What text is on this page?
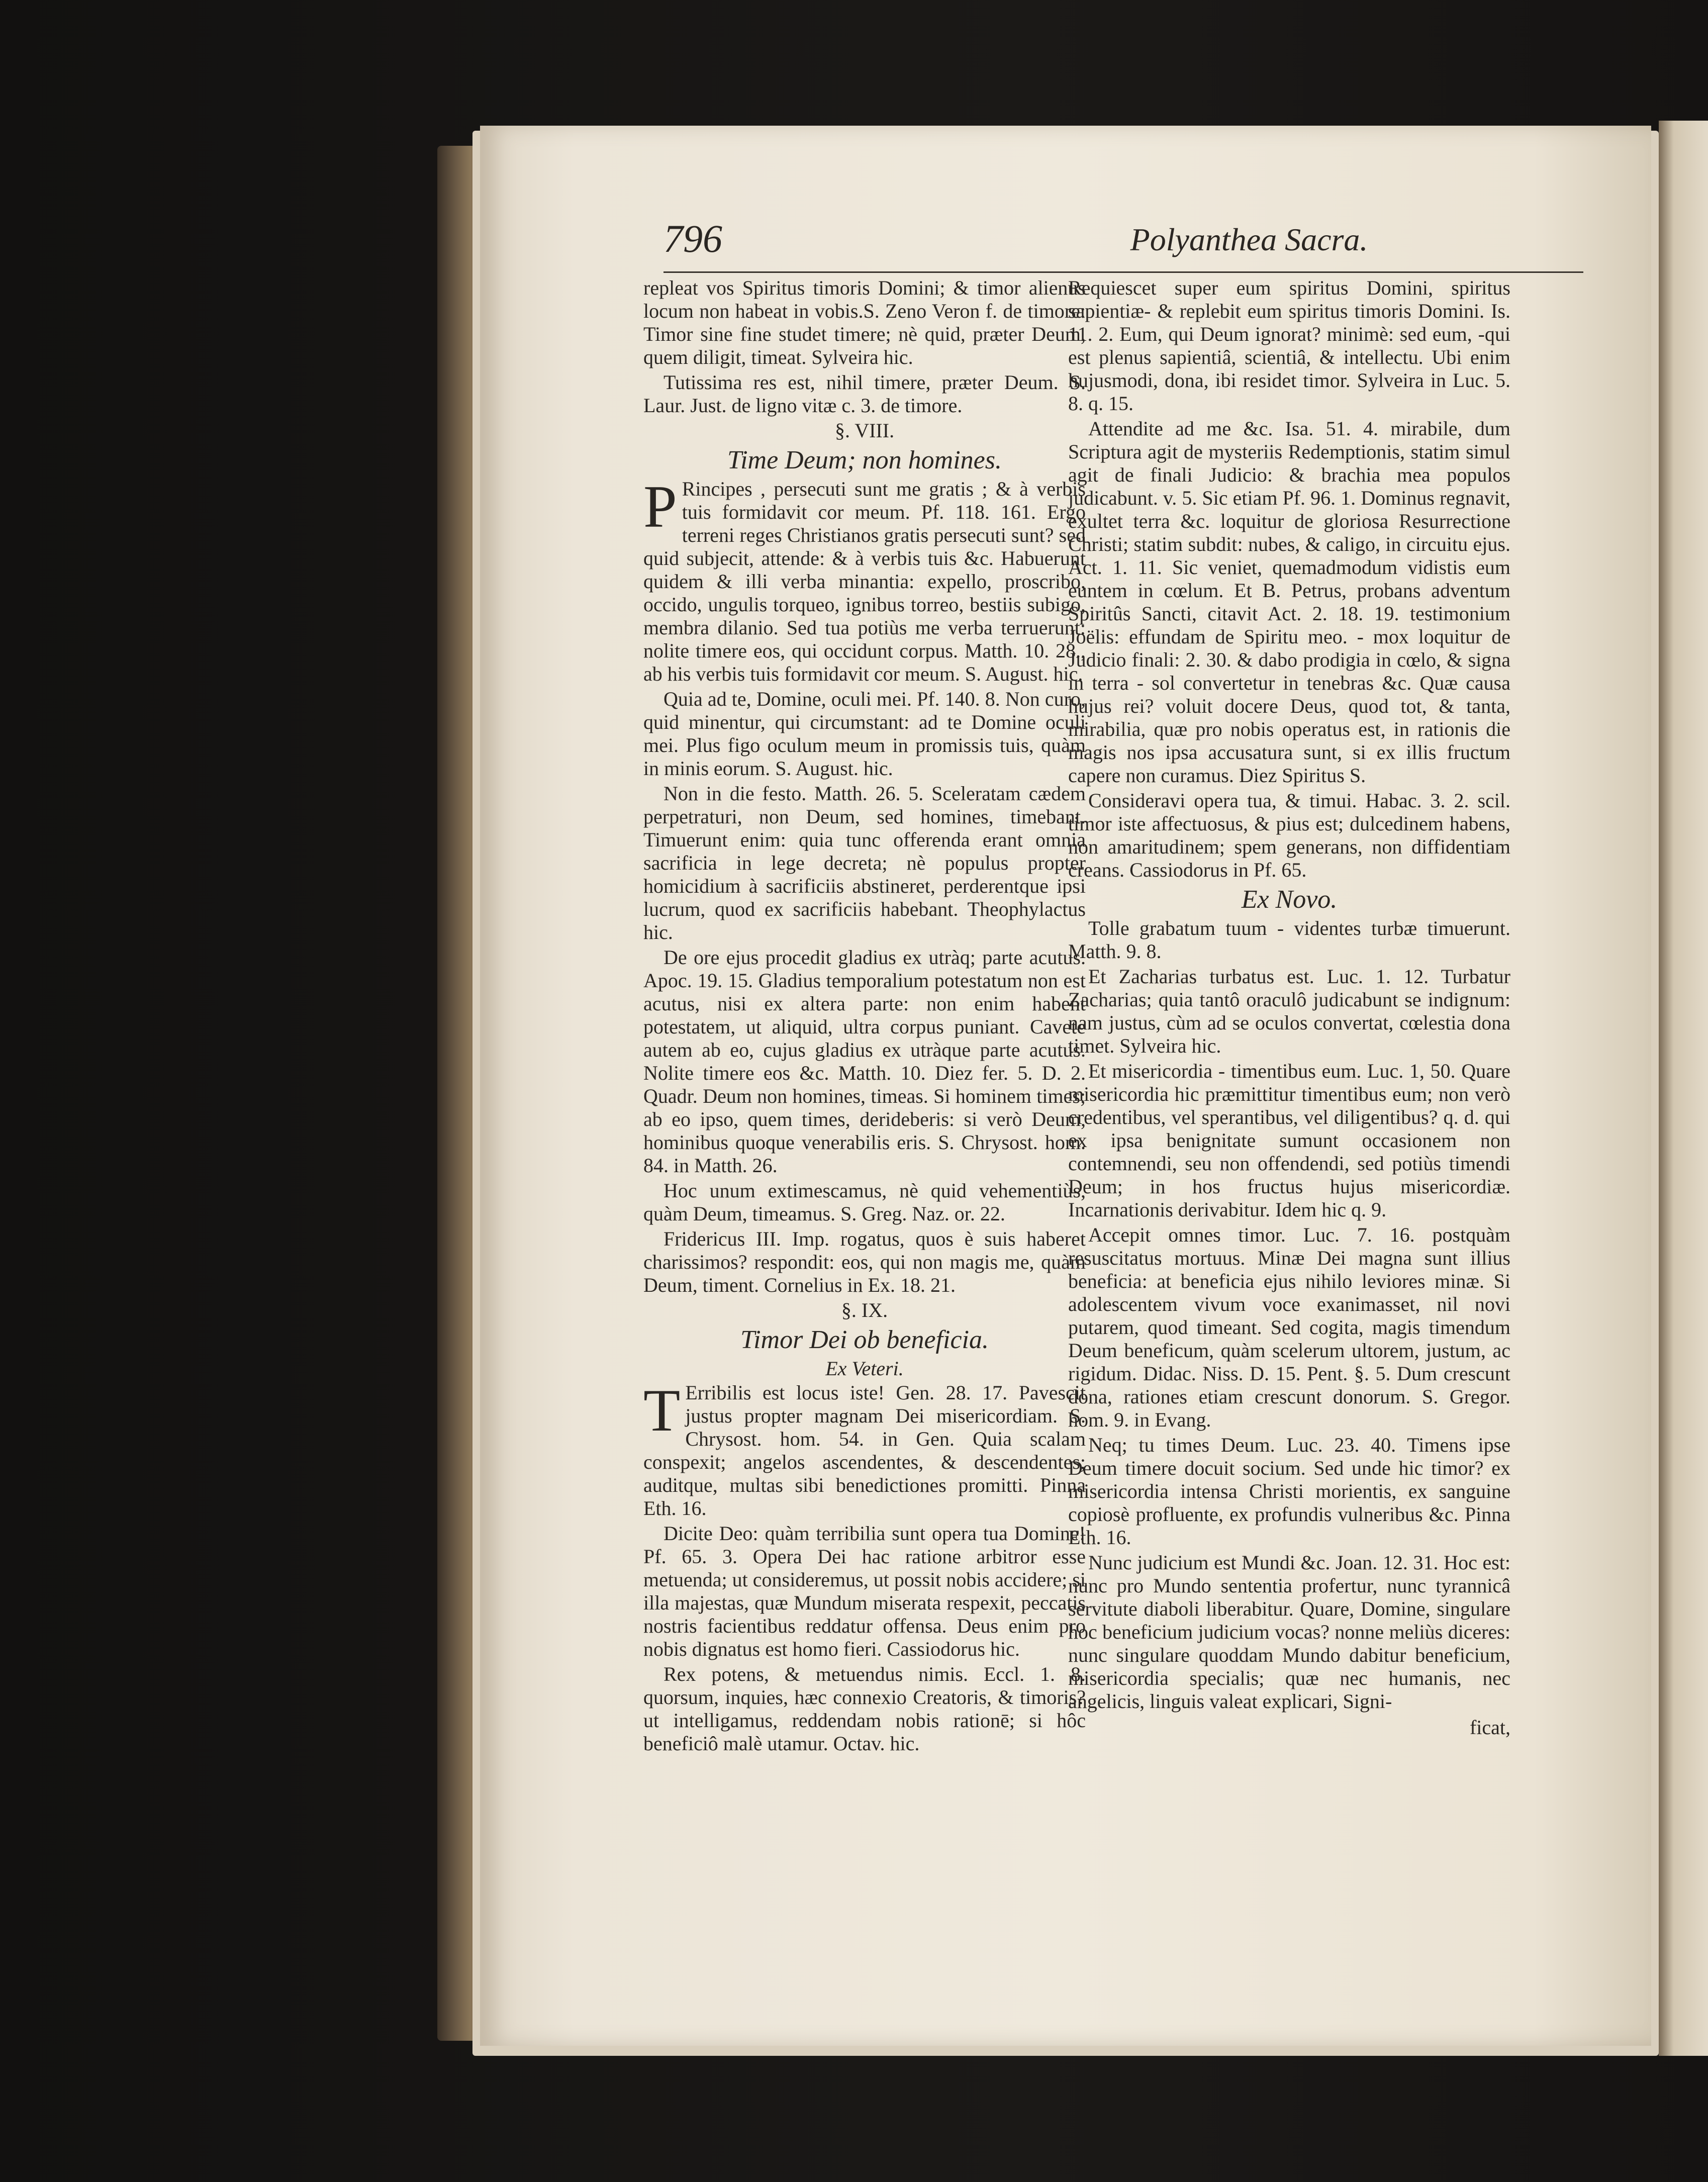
796	Polyanthea Sacra.

repleat vos Spiritus timoris Domini; & timor alienus locum non habeat in vobis.S. Zeno Veron f. de timore: Timor sine fine studet timere; nè quid, præter Deum, quem diligit, timeat. Sylveira hic.

Tutissima res est, nihil timere, præter Deum. S. Laur. Just. de ligno vitæ c. 3. de timore.

§. VIII.

Time Deum; non homines.

P Rincipes , persecuti sunt me gratis ; & à verbis tuis formidavit cor meum. Pf. 118. 161. Ergo terreni reges Christianos gratis persecuti sunt? sed quid subjecit, attende: & à verbis tuis &c. Habuerunt quidem & illi verba minantia: expello, proscribo, occido, ungulis torqueo, ignibus torreo, bestiis subigo, membra dilanio. Sed tua potiùs me verba terruerunt: nolite timere eos, qui occidunt corpus. Matth. 10. 28., ab his verbis tuis formidavit cor meum. S. August. hic.

Quia ad te, Domine, oculi mei. Pf. 140. 8. Non curo, quid minentur, qui circumstant: ad te Domine oculi mei. Plus figo oculum meum in promissis tuis, quàm in minis eorum. S. August. hic.

Non in die festo. Matth. 26. 5. Sceleratam cædem perpetraturi, non Deum, sed homines, timebant. Timuerunt enim: quia tunc offerenda erant omnia sacrificia in lege decreta; nè populus propter homicidium à sacrificiis abstineret, perderentque ipsi lucrum, quod ex sacrificiis habebant. Theophylactus hic.

De ore ejus procedit gladius ex utràq; parte acutus. Apoc. 19. 15. Gladius temporalium potestatum non est acutus, nisi ex altera parte: non enim habent potestatem, ut aliquid, ultra corpus puniant. Cavete autem ab eo, cujus gladius ex utràque parte acutus. Nolite timere eos &c. Matth. 10. Diez fer. 5. D. 2. Quadr. Deum non homines, timeas. Si hominem times; ab eo ipso, quem times, derideberis: si verò Deum, hominibus quoque venerabilis eris. S. Chrysost. hom. 84. in Matth. 26.

Hoc unum extimescamus, nè quid vehementiùs, quàm Deum, timeamus. S. Greg. Naz. or. 22.

Fridericus III. Imp. rogatus, quos è suis haberet charissimos? respondit: eos, qui non magis me, quàm Deum, timent. Cornelius in Ex. 18. 21.

§. IX.

Timor Dei ob beneficia.

Ex Veteri.

T Erribilis est locus iste! Gen. 28. 17. Pavescit justus propter magnam Dei misericordiam. S. Chrysost. hom. 54. in Gen. Quia scalam conspexit; angelos ascendentes, & descendentes; auditque, multas sibi benedictiones promitti. Pinna Eth. 16.

Dicite Deo: quàm terribilia sunt opera tua Domine! Pf. 65. 3. Opera Dei hac ratione arbitror esse metuenda; ut consideremus, ut possit nobis accidere; si illa majestas, quæ Mundum miserata respexit, peccatis nostris facientibus reddatur offensa. Deus enim pro nobis dignatus est homo fieri. Cassiodorus hic.

Rex potens, & metuendus nimis. Eccl. 1. 8. quorsum, inquies, hæc connexio Creatoris, & timoris? ut intelligamus, reddendam nobis rationē; si hôc beneficiô malè utamur. Octav. hic.

Requiescet super eum spiritus Domini, spiritus sapientiæ- & replebit eum spiritus timoris Domini. Is. 11. 2. Eum, qui Deum ignorat? minimè: sed eum, -qui est plenus sapientiâ, scientiâ, & intellectu. Ubi enim hujusmodi, dona, ibi residet timor. Sylveira in Luc. 5. 8. q. 15.

Attendite ad me &c. Isa. 51. 4. mirabile, dum Scriptura agit de mysteriis Redemptionis, statim simul agit de finali Judicio: & brachia mea populos judicabunt. v. 5. Sic etiam Pf. 96. 1. Dominus regnavit, exultet terra &c. loquitur de gloriosa Resurrectione Christi; statim subdit: nubes, & caligo, in circuitu ejus. Act. 1. 11. Sic veniet, quemadmodum vidistis eum euntem in cœlum. Et B. Petrus, probans adventum Spiritûs Sancti, citavit Act. 2. 18. 19. testimonium Joëlis: effundam de Spiritu meo. - mox loquitur de Judicio finali: 2. 30. & dabo prodigia in cœlo, & signa in terra - sol convertetur in tenebras &c. Quæ causa hujus rei? voluit docere Deus, quod tot, & tanta, mirabilia, quæ pro nobis operatus est, in rationis die magis nos ipsa accusatura sunt, si ex illis fructum capere non curamus. Diez Spiritus S.

Consideravi opera tua, & timui. Habac. 3. 2. scil. timor iste affectuosus, & pius est; dulcedinem habens, non amaritudinem; spem generans, non diffidentiam creans. Cassiodorus in Pf. 65.

Ex Novo.

Tolle grabatum tuum - videntes turbæ timuerunt. Matth. 9. 8.

Et Zacharias turbatus est. Luc. 1. 12. Turbatur Zacharias; quia tantô oraculô judicabunt se indignum: nam justus, cùm ad se oculos convertat, cœlestia dona timet. Sylveira hic.

Et misericordia - timentibus eum. Luc. 1, 50. Quare misericordia hic præmittitur timentibus eum; non verò credentibus, vel sperantibus, vel diligentibus? q. d. qui ex ipsa benignitate sumunt occasionem non contemnendi, seu non offendendi, sed potiùs timendi Deum; in hos fructus hujus misericordiæ. Incarnationis derivabitur. Idem hic q. 9.

Accepit omnes timor. Luc. 7. 16. postquàm resuscitatus mortuus. Minæ Dei magna sunt illius beneficia: at beneficia ejus nihilo leviores minæ. Si adolescentem vivum voce exanimasset, nil novi putarem, quod timeant. Sed cogita, magis timendum Deum beneficum, quàm scelerum ultorem, justum, ac rigidum. Didac. Niss. D. 15. Pent. §. 5. Dum crescunt dona, rationes etiam crescunt donorum. S. Gregor. hom. 9. in Evang.

Neq; tu times Deum. Luc. 23. 40. Timens ipse Deum timere docuit socium. Sed unde hic timor? ex misericordia intensa Christi morientis, ex sanguine copiosè profluente, ex profundis vulneribus &c. Pinna Eth. 16.

Nunc judicium est Mundi &c. Joan. 12. 31. Hoc est: nunc pro Mundo sententia profertur, nunc tyrannicâ servitute diaboli liberabitur. Quare, Domine, singulare hoc beneficium judicium vocas? nonne meliùs diceres: nunc singulare quoddam Mundo dabitur beneficium, misericordia specialis; quæ nec humanis, nec angelicis, linguis valeat explicari, Signi-

ficat,
